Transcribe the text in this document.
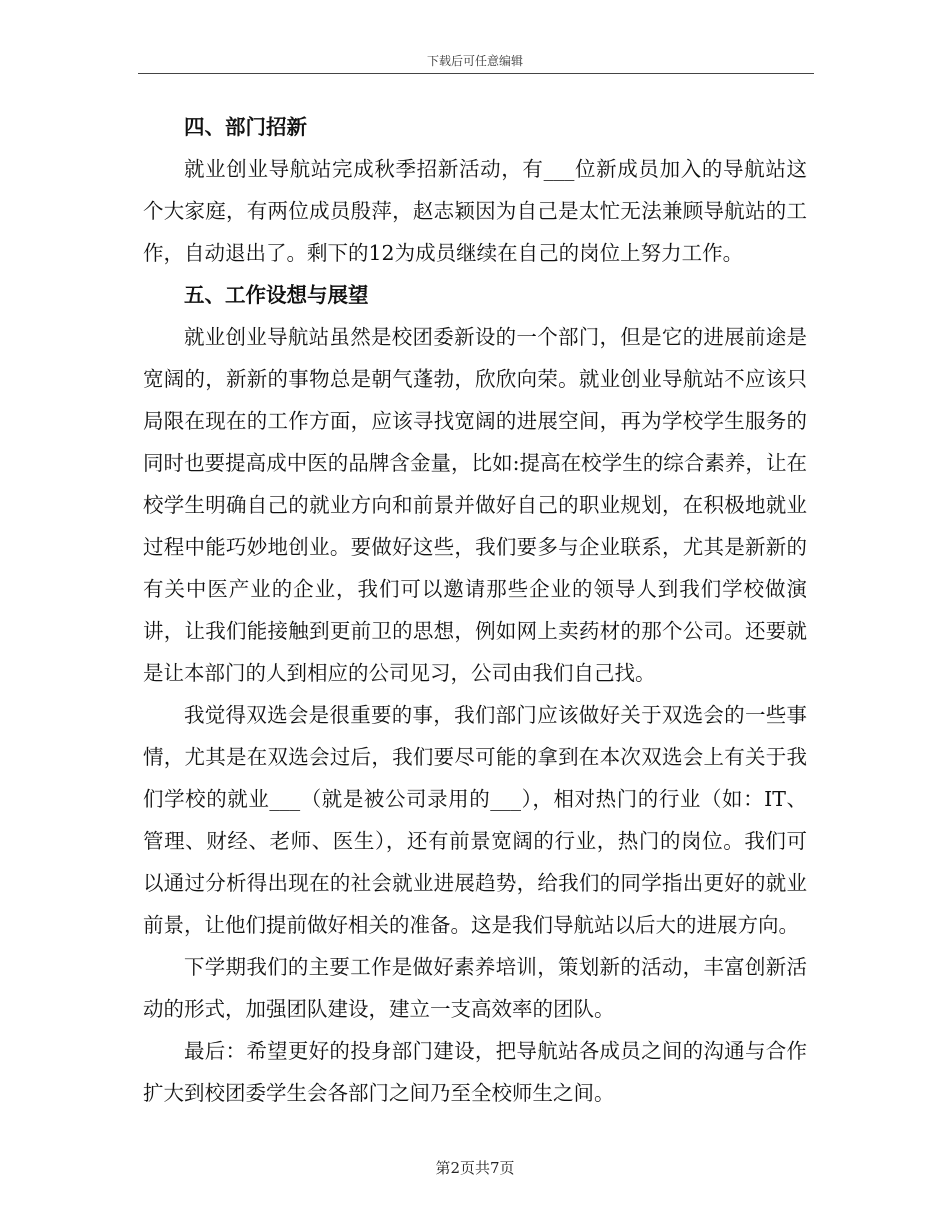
下载后可任意编辑

四、部门招新

就业创业导航站完成秋季招新活动，有___位新成员加入的导航站这个大家庭，有两位成员殷萍，赵志颖因为自己是太忙无法兼顾导航站的工作，自动退出了。剩下的12为成员继续在自己的岗位上努力工作。

五、工作设想与展望

就业创业导航站虽然是校团委新设的一个部门，但是它的进展前途是宽阔的，新新的事物总是朝气蓬勃，欣欣向荣。就业创业导航站不应该只局限在现在的工作方面，应该寻找宽阔的进展空间，再为学校学生服务的同时也要提高成中医的品牌含金量，比如:提高在校学生的综合素养，让在校学生明确自己的就业方向和前景并做好自己的职业规划，在积极地就业过程中能巧妙地创业。要做好这些，我们要多与企业联系，尤其是新新的有关中医产业的企业，我们可以邀请那些企业的领导人到我们学校做演讲，让我们能接触到更前卫的思想，例如网上卖药材的那个公司。还要就是让本部门的人到相应的公司见习，公司由我们自己找。

我觉得双选会是很重要的事，我们部门应该做好关于双选会的一些事情，尤其是在双选会过后，我们要尽可能的拿到在本次双选会上有关于我们学校的就业___（就是被公司录用的___），相对热门的行业（如：IT、管理、财经、老师、医生），还有前景宽阔的行业，热门的岗位。我们可以通过分析得出现在的社会就业进展趋势，给我们的同学指出更好的就业前景，让他们提前做好相关的准备。这是我们导航站以后大的进展方向。

下学期我们的主要工作是做好素养培训，策划新的活动，丰富创新活动的形式，加强团队建设，建立一支高效率的团队。

最后：希望更好的投身部门建设，把导航站各成员之间的沟通与合作扩大到校团委学生会各部门之间乃至全校师生之间。

第2页共7页
